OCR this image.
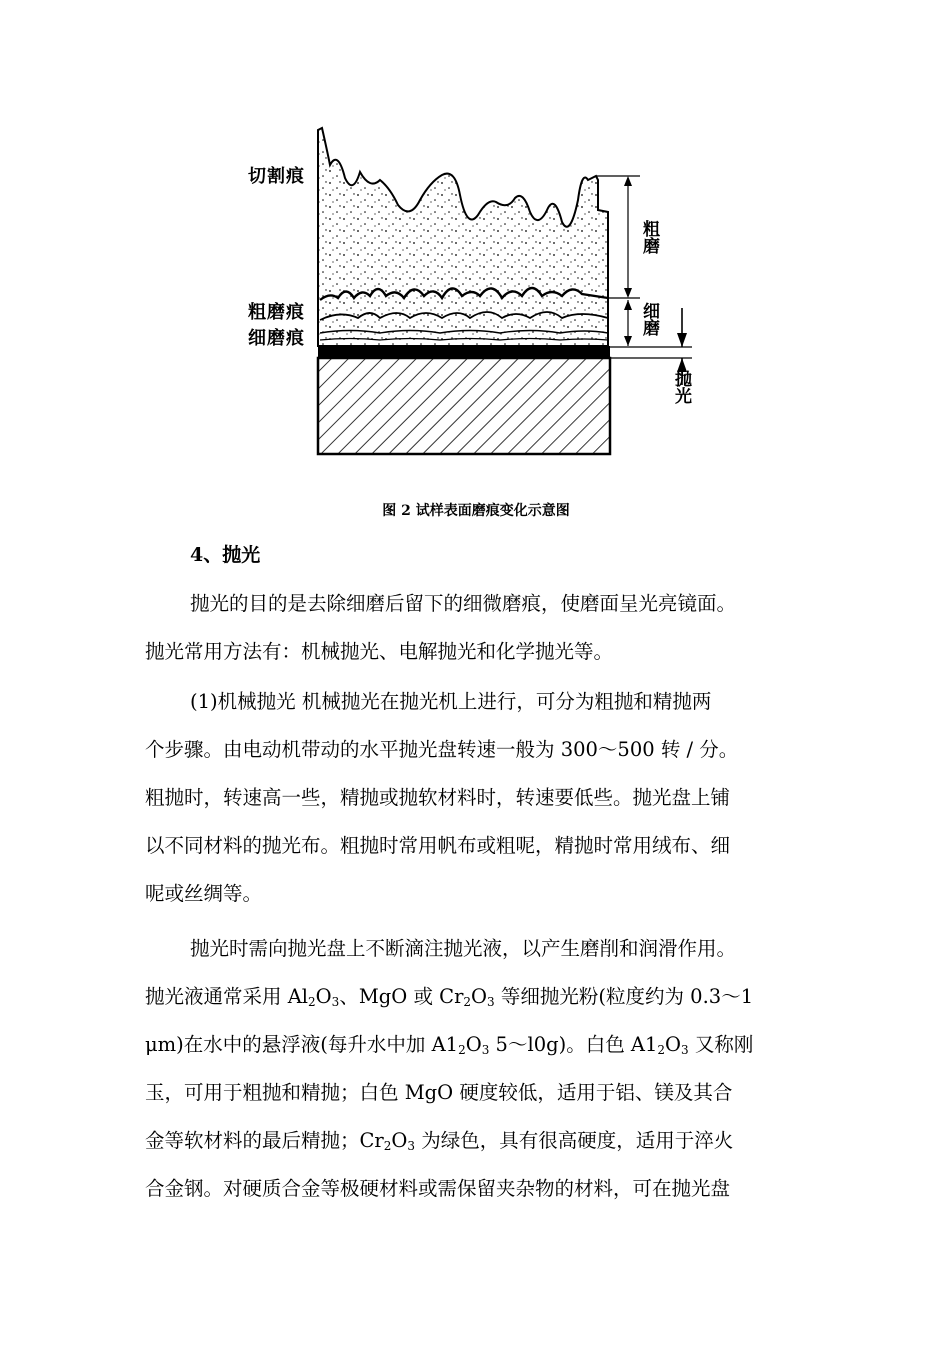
切割痕
粗磨痕
细磨痕
粗磨
细磨
抛光
图 2 试样表面磨痕变化示意图
4、抛光

抛光的目的是去除细磨后留下的细微磨痕，使磨面呈光亮镜面。

抛光常用方法有：机械抛光、电解抛光和化学抛光等。

(1)机械抛光 机械抛光在抛光机上进行，可分为粗抛和精抛两

个步骤。由电动机带动的水平抛光盘转速一般为 300～500 转 / 分。

粗抛时，转速高一些，精抛或抛软材料时，转速要低些。抛光盘上铺

以不同材料的抛光布。粗抛时常用帆布或粗呢，精抛时常用绒布、细

呢或丝绸等。

抛光时需向抛光盘上不断滴注抛光液，以产生磨削和润滑作用。

抛光液通常采用 $Al_2O_3$、MgO 或 $Cr_2O_3$ 等细抛光粉(粒度约为 0.3～1

μm)在水中的悬浮液(每升水中加 $A1_2O_3$ 5～l0g)。白色 $A1_2O_3$ 又称刚

玉，可用于粗抛和精抛；白色 MgO 硬度较低，适用于铝、镁及其合

金等软材料的最后精抛；$Cr_2O_3$ 为绿色，具有很高硬度，适用于淬火

合金钢。对硬质合金等极硬材料或需保留夹杂物的材料，可在抛光盘
